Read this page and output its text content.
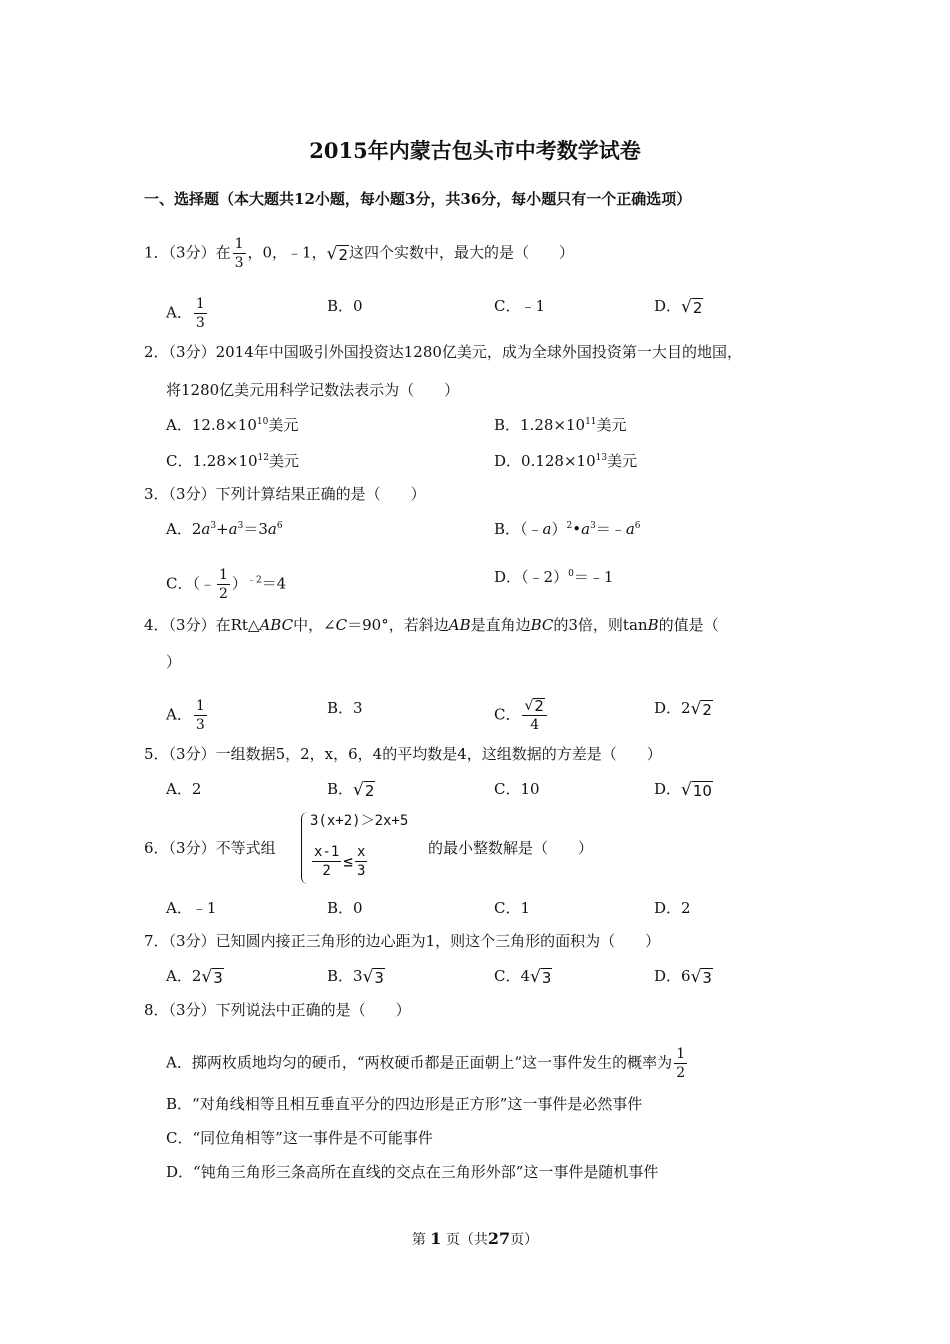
2015年内蒙古包头市中考数学试卷
一、选择题（本大题共12小题，每小题3分，共36分，每小题只有一个正确选项）
1．（3分）在 $\frac{1}{3}$ ，0，﹣1， √ 2 这四个实数中，最大的是（　　）
A． $\frac{1}{3}$	B．0	C．﹣1	D． √ 2
2．（3分）2014年中国吸引外国投资达1280亿美元，成为全球外国投资第一大目的地国，
将1280亿美元用科学记数法表示为（　　）
A．$12.8\times 10^{10}$美元	B．$1.28\times 10^{11}$美元
C．$1.28\times 10^{12}$美元	D．$0.128\times 10^{13}$美元
3．（3分）下列计算结果正确的是（　　）
A．$2a^3+a^3=3a^6$	B．$(﹣a)^2•a^3=﹣a^6$
C．（﹣ $\frac{1}{2} )^{﹣2}=4$	D．（﹣2）$^0$＝﹣1
4．（3分）在Rt△ABC中，∠C＝90°，若斜边AB是直角边BC的3倍，则tanB的值是（
）
A． $\frac{1}{3}$	B．3	C． $\frac{√ 2}{4}$	D．2 √ 2
5．（3分）一组数据5，2，x，6，4的平均数是4，这组数据的方差是（　　）
A．2	B． √ 2	C．10	D． √ 10
6．（3分）不等式组
3(x+2)＞2x+5
$\frac{x-1}{2} \le \frac{x}{3}$	的最小整数解是（　　）
A．﹣1	B．0	C．1	D．2
7．（3分）已知圆内接正三角形的边心距为1，则这个三角形的面积为（　　）
A．2 √ 3	B．3 √ 3	C．4 √ 3	D．6 √ 3
8．（3分）下列说法中正确的是（　　）
A．掷两枚质地均匀的硬币，“两枚硬币都是正面朝上”这一事件发生的概率为 $\frac{1}{2}$
B．“对角线相等且相互垂直平分的四边形是正方形”这一事件是必然事件
C．“同位角相等”这一事件是不可能事件
D．“钝角三角形三条高所在直线的交点在三角形外部”这一事件是随机事件
第 1 页（共27页）
